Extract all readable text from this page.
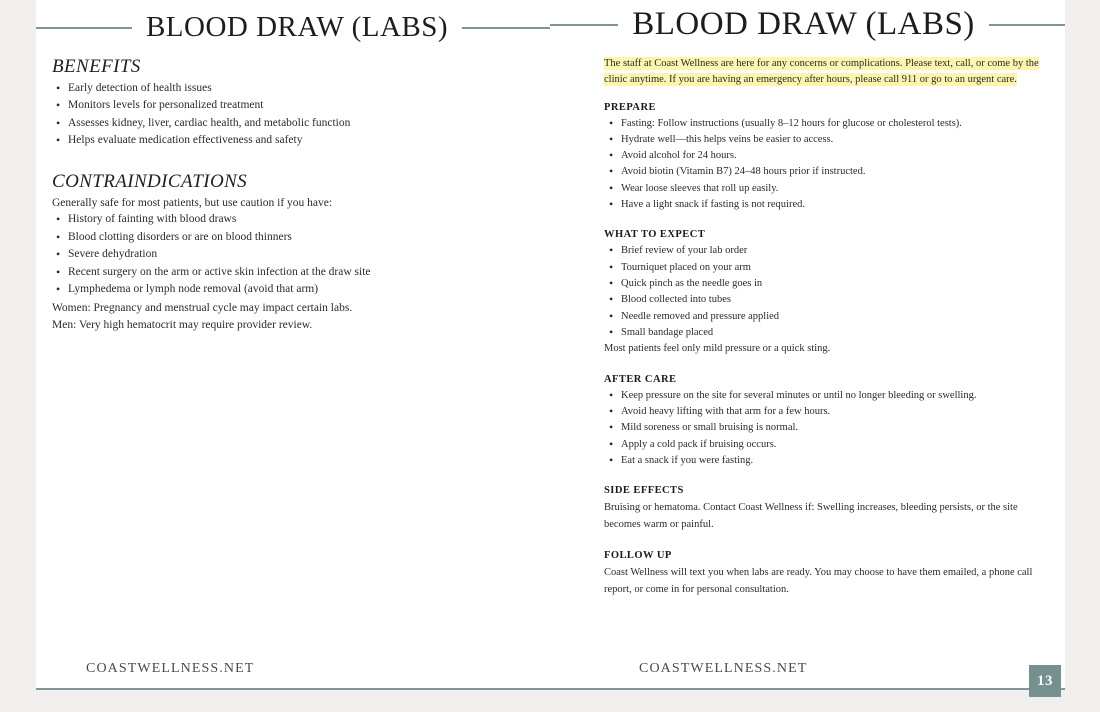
BLOOD DRAW (LABS)
BENEFITS
• Early detection of health issues
• Monitors levels for personalized treatment
• Assesses kidney, liver, cardiac health, and metabolic function
• Helps evaluate medication effectiveness and safety
CONTRAINDICATIONS

Generally safe for most patients, but use caution if you have:

• History of fainting with blood draws
• Blood clotting disorders or are on blood thinners
• Severe dehydration
• Recent surgery on the arm or active skin infection at the draw site
• Lymphedema or lymph node removal (avoid that arm)

Women: Pregnancy and menstrual cycle may impact certain labs.

Men: Very high hematocrit may require provider review.

COASTWELLNESS.NET
BLOOD DRAW (LABS)

The staff at Coast Wellness are here for any concerns or complications. Please text, call, or come by the clinic anytime. If you are having an emergency after hours, please call 911 or go to an urgent care.

PREPARE
• Fasting: Follow instructions (usually 8–12 hours for glucose or cholesterol tests).
• Hydrate well—this helps veins be easier to access.
• Avoid alcohol for 24 hours.
• Avoid biotin (Vitamin B7) 24–48 hours prior if instructed.
• Wear loose sleeves that roll up easily.
• Have a light snack if fasting is not required.
WHAT TO EXPECT
• Brief review of your lab order
• Tourniquet placed on your arm
• Quick pinch as the needle goes in
• Blood collected into tubes
• Needle removed and pressure applied
• Small bandage placed

Most patients feel only mild pressure or a quick sting.

AFTER CARE
• Keep pressure on the site for several minutes or until no longer bleeding or swelling.
• Avoid heavy lifting with that arm for a few hours.
• Mild soreness or small bruising is normal.
• Apply a cold pack if bruising occurs.
• Eat a snack if you were fasting.
SIDE EFFECTS

Bruising or hematoma. Contact Coast Wellness if: Swelling increases, bleeding persists, or the site becomes warm or painful.

FOLLOW UP

Coast Wellness will text you when labs are ready. You may choose to have them emailed, a phone call report, or come in for personal consultation.

COASTWELLNESS.NET
13
